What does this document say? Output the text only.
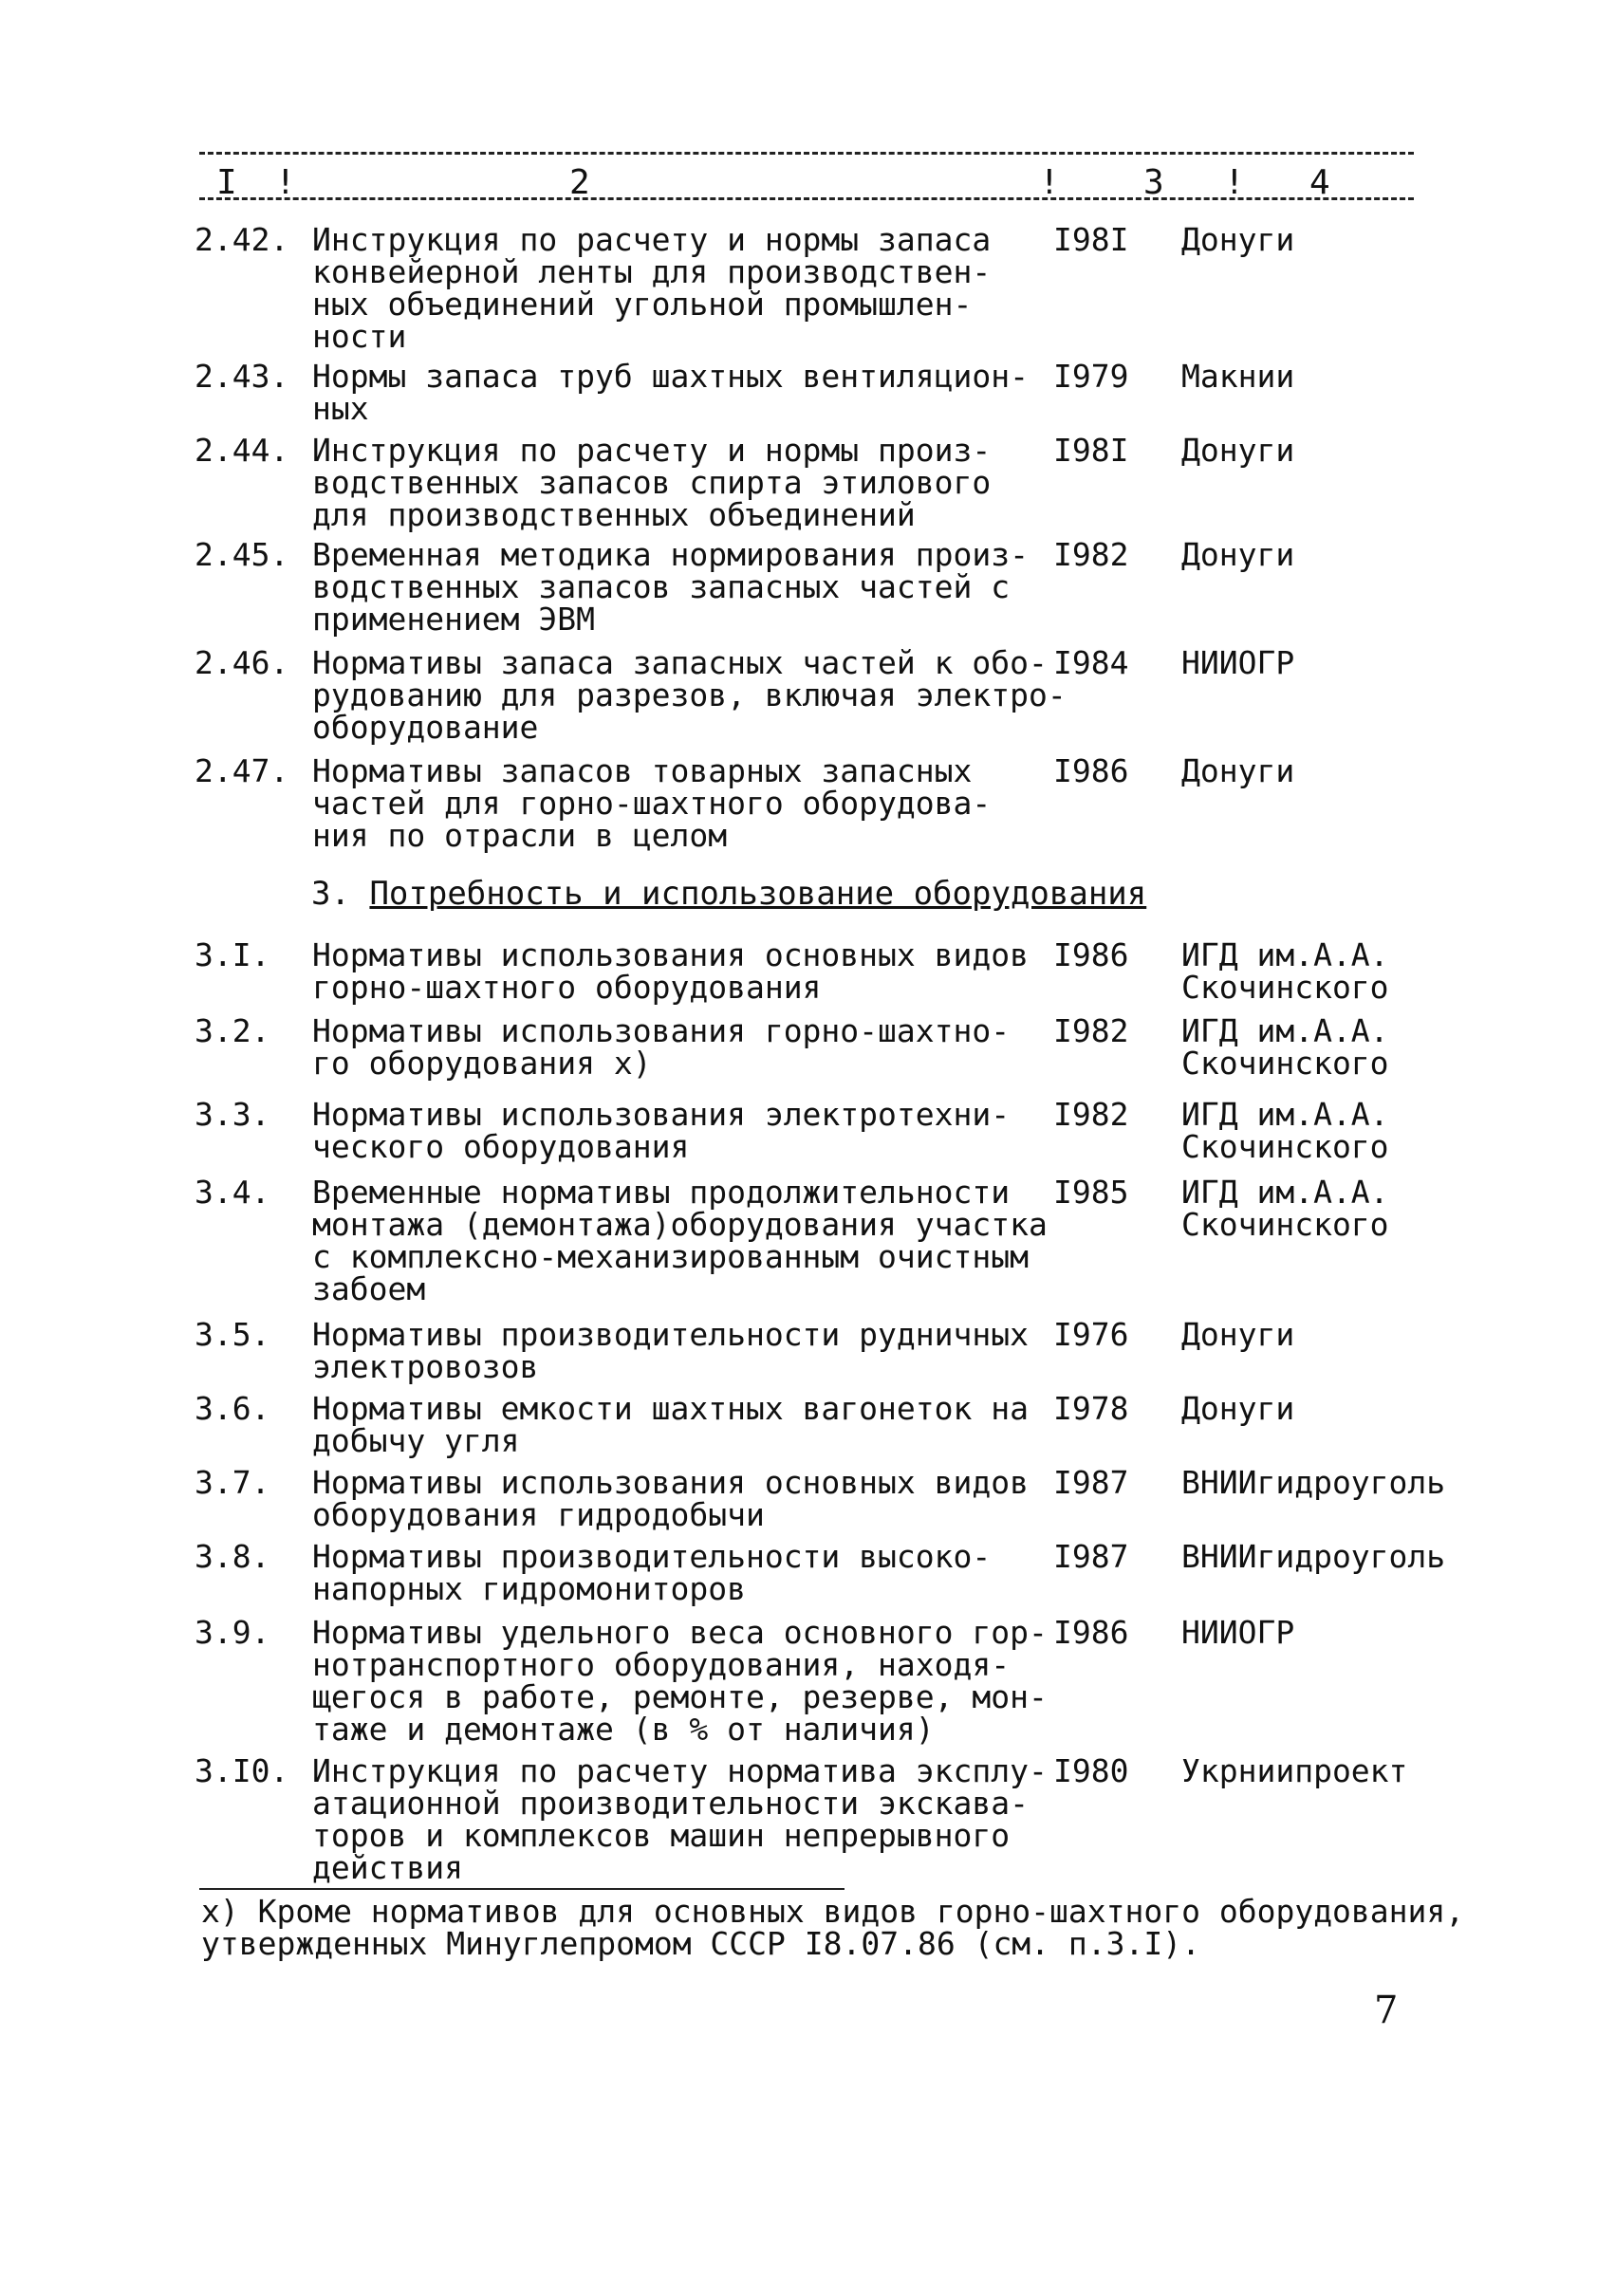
I !	2	! 3 ! 4
2.42. Инструкция по расчету и нормы запаса
конвейерной ленты для производствен-
ных объединений угольной промышлен-
ности
I98I Донуги
2.43. Нормы запаса труб шахтных вентиляцион-
ных
I979 Макнии
2.44. Инструкция по расчету и нормы произ-
водственных запасов спирта этилового
для производственных объединений
I98I Донуги
2.45. Временная методика нормирования произ-
водственных запасов запасных частей с
применением ЭВМ
I982 Донуги
2.46. Нормативы запаса запасных частей к обо-
рудованию для разрезов, включая электро-
оборудование
I984 НИИОГР
2.47. Нормативы запасов товарных запасных
частей для горно-шахтного оборудова-
ния по отрасли в целом
I986 Донуги
3. Потребность и использование оборудования
3.I. Нормативы использования основных видов
горно-шахтного оборудования
I986 ИГД им.А.А.
Скочинского
3.2. Нормативы использования горно-шахтно-
го оборудования х)
I982 ИГД им.А.А.
Скочинского
3.3. Нормативы использования электротехни-
ческого оборудования
I982 ИГД им.А.А.
Скочинского
3.4. Временные нормативы продолжительности
монтажа (демонтажа)оборудования участка
с комплексно-механизированным очистным
забоем
I985 ИГД им.А.А.
Скочинского
3.5. Нормативы производительности рудничных
электровозов
I976 Донуги
3.6. Нормативы емкости шахтных вагонеток на
добычу угля
I978 Донуги
3.7. Нормативы использования основных видов
оборудования гидродобычи
I987 ВНИИгидроуголь
3.8. Нормативы производительности высоко-
напорных гидромониторов
I987 ВНИИгидроуголь
3.9. Нормативы удельного веса основного гор-
нотранспортного оборудования, находя-
щегося в работе, ремонте, резерве, мон-
таже и демонтаже (в % от наличия)
I986 НИИОГР
3.I0. Инструкция по расчету норматива эксплу-
атационной производительности экскава-
торов и комплексов машин непрерывного
действия
I980 Укрниипроект
х) Кроме нормативов для основных видов горно-шахтного оборудования,
утвержденных Минуглепромом СССР I8.07.86 (см. п.3.I).
7
